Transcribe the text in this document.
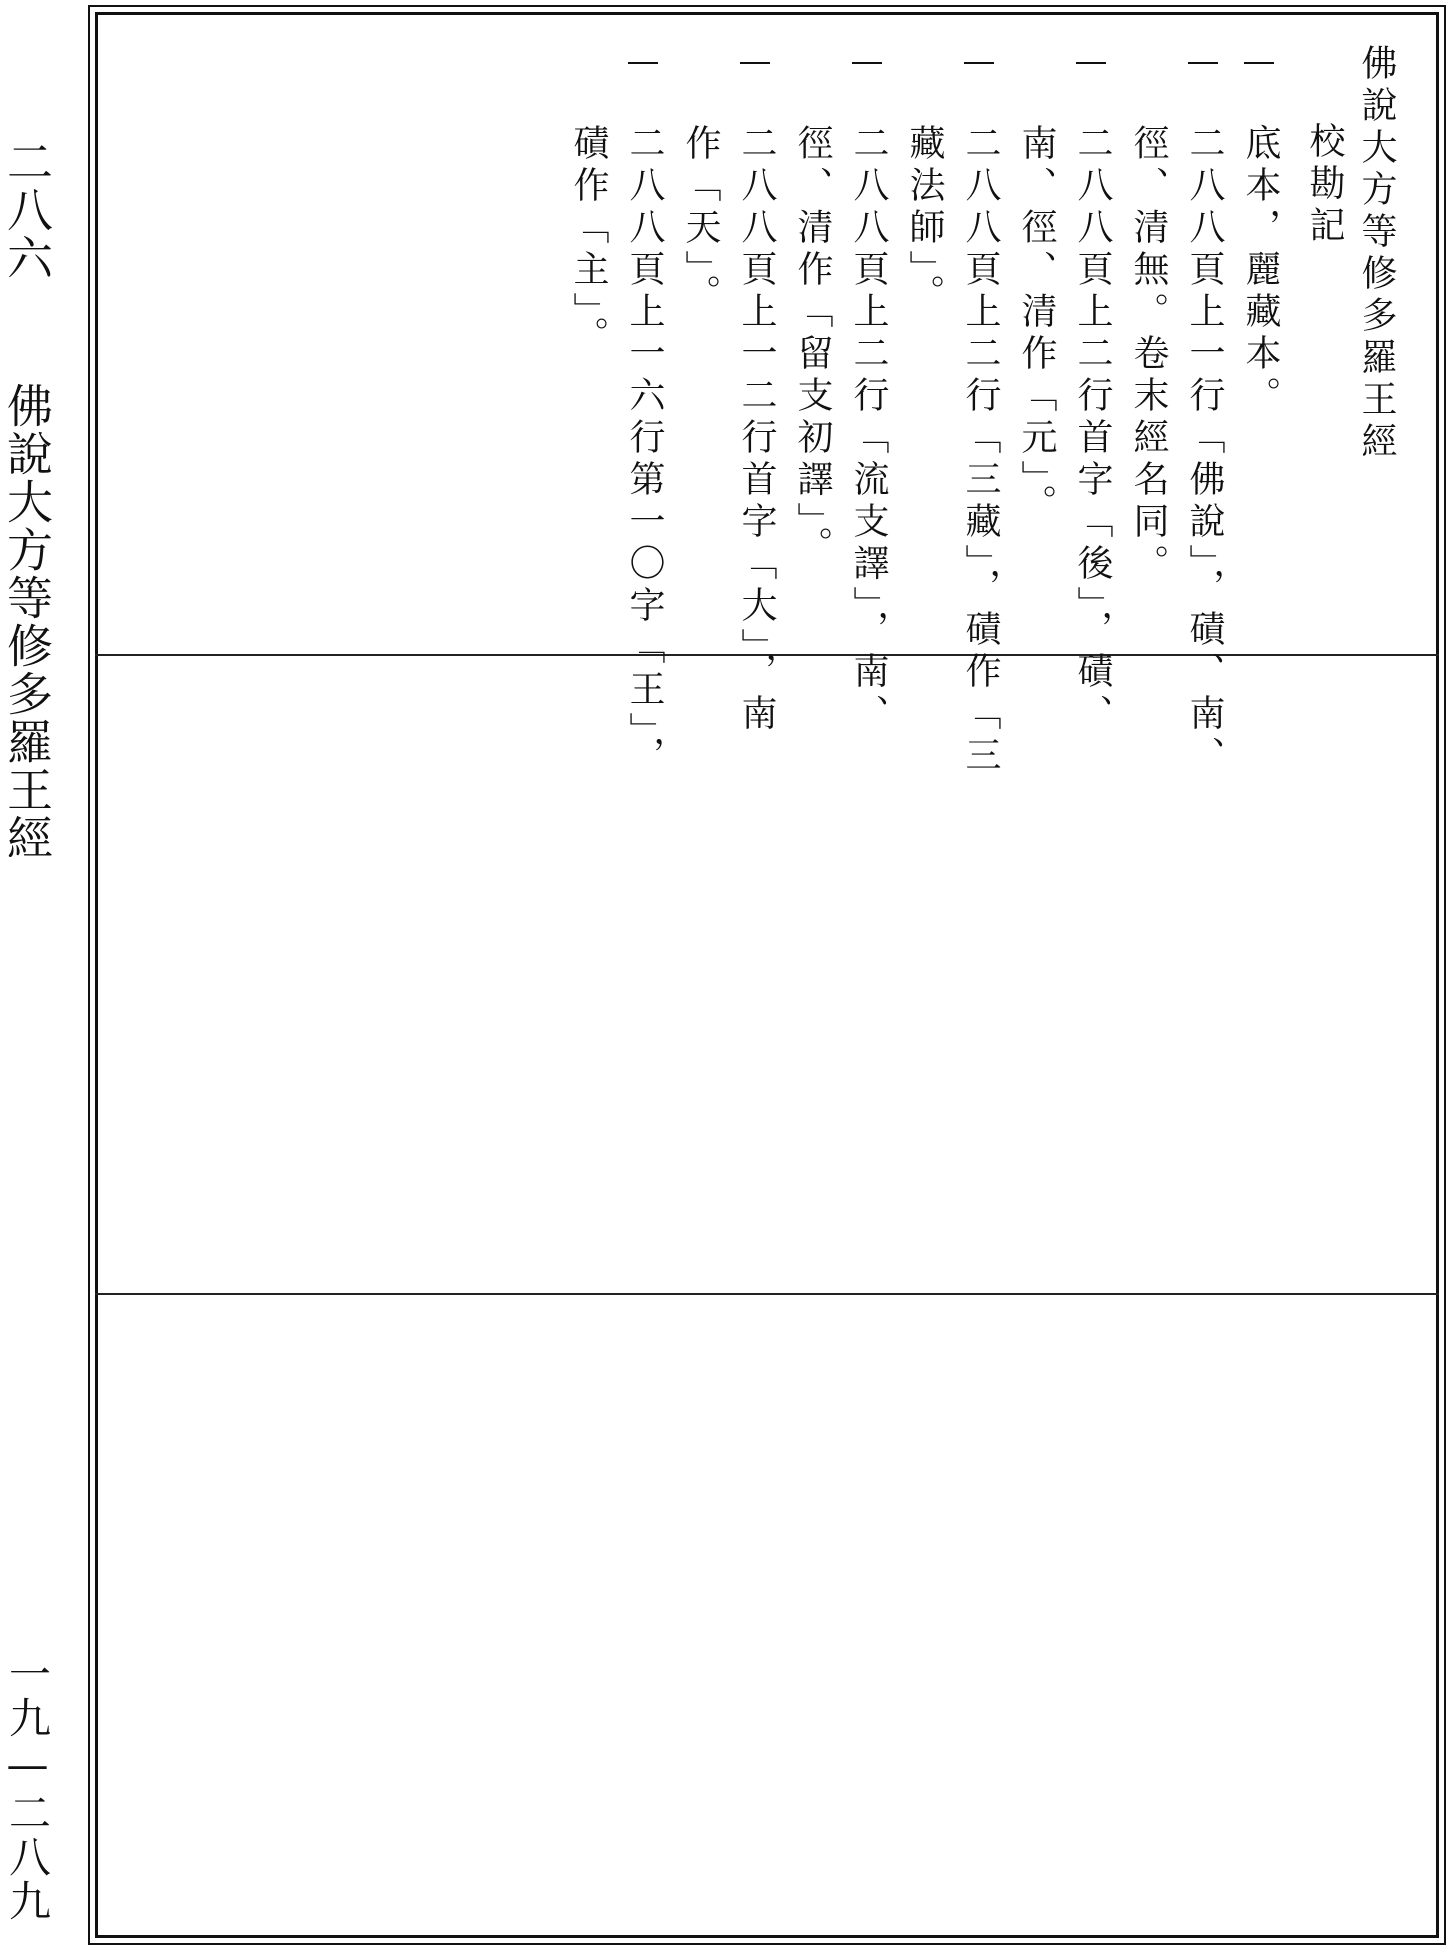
二八六 佛說大方等修多羅王經
一九—二八九
佛說大方等修多羅王經
校勘記
底本，麗藏本。
二八八頁上一行「佛說」，磧、南、
徑、清無。卷末經名同。
二八八頁上二行首字「後」，磧、
南、徑、清作「元」。
二八八頁上二行「三藏」，磧作「三
藏法師」。
二八八頁上二行「流支譯」，南、
徑、清作「留支初譯」。
二八八頁上一二行首字「大」，南
作「天」。
二八八頁上一六行第一〇字「王」，
磧作「主」。
